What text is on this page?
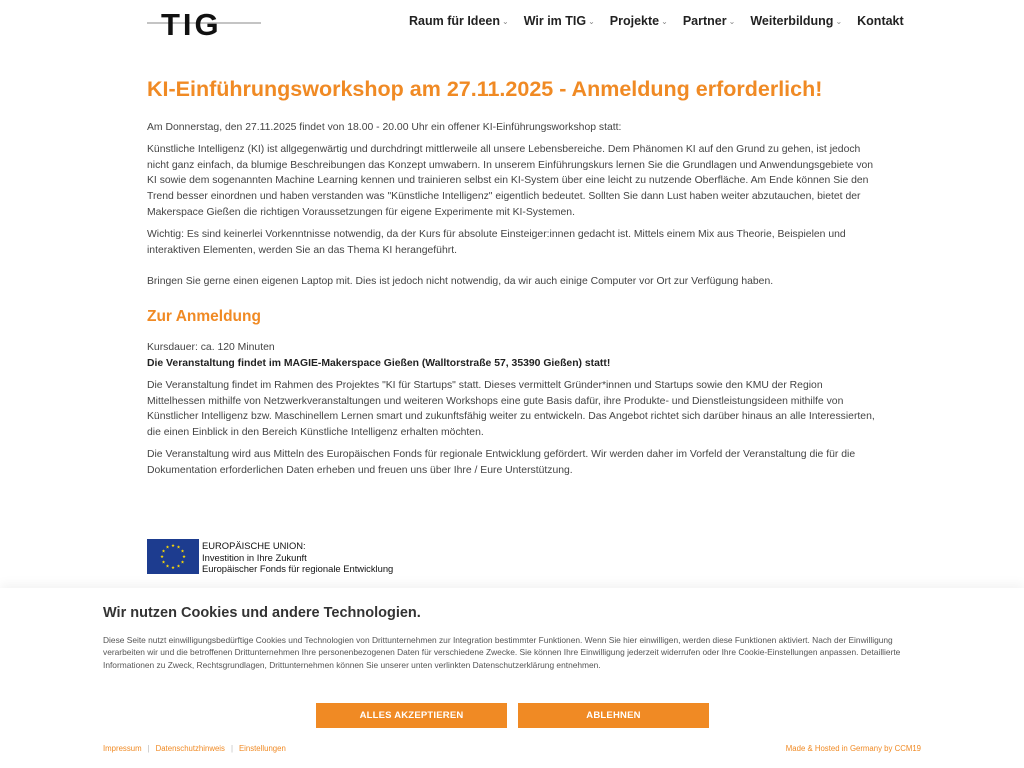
TIG	Raum für Ideen ⌄ Wir im TIG ⌄ Projekte ⌄ Partner ⌄ Weiterbildung ⌄ Kontakt
KI-Einführungsworkshop am 27.11.2025 - Anmeldung erforderlich!

Am Donnerstag, den 27.11.2025 findet von 18.00 - 20.00 Uhr ein offener KI-Einführungsworkshop statt:

Künstliche Intelligenz (KI) ist allgegenwärtig und durchdringt mittlerweile all unsere Lebensbereiche. Dem Phänomen KI auf den Grund zu gehen, ist jedoch nicht ganz einfach, da blumige Beschreibungen das Konzept umwabern. In unserem Einführungskurs lernen Sie die Grundlagen und Anwendungsgebiete von KI sowie dem sogenannten Machine Learning kennen und trainieren selbst ein KI-System über eine leicht zu nutzende Oberfläche. Am Ende können Sie den Trend besser einordnen und haben verstanden was "Künstliche Intelligenz" eigentlich bedeutet. Sollten Sie dann Lust haben weiter abzutauchen, bietet der Makerspace Gießen die richtigen Voraussetzungen für eigene Experimente mit KI-Systemen.

Wichtig: Es sind keinerlei Vorkenntnisse notwendig, da der Kurs für absolute Einsteiger:innen gedacht ist. Mittels einem Mix aus Theorie, Beispielen und interaktiven Elementen, werden Sie an das Thema KI herangeführt.

Bringen Sie gerne einen eigenen Laptop mit. Dies ist jedoch nicht notwendig, da wir auch einige Computer vor Ort zur Verfügung haben.

Zur Anmeldung

Kursdauer: ca. 120 Minuten

Die Veranstaltung findet im MAGIE-Makerspace Gießen (Walltorstraße 57, 35390 Gießen) statt!

Die Veranstaltung findet im Rahmen des Projektes "KI für Startups" statt. Dieses vermittelt Gründer*innen und Startups sowie den KMU der Region Mittelhessen mithilfe von Netzwerkveranstaltungen und weiteren Workshops eine gute Basis dafür, ihre Produkte- und Dienstleistungsideen mithilfe von Künstlicher Intelligenz bzw. Maschinellem Lernen smart und zukunftsfähig weiter zu entwickeln. Das Angebot richtet sich darüber hinaus an alle Interessierten, die einen Einblick in den Bereich Künstliche Intelligenz erhalten möchten.

Die Veranstaltung wird aus Mitteln des Europäischen Fonds für regionale Entwicklung gefördert. Wir werden daher im Vorfeld der Veranstaltung die für die Dokumentation erforderlichen Daten erheben und freuen uns über Ihre / Eure Unterstützung.

★ ★
★
★
★
★
★
★
★
★
★
★	EUROPÄISCHE UNION:
Investition in Ihre Zukunft
Europäischer Fonds für regionale Entwicklung
Wir nutzen Cookies und andere Technologien.
Diese Seite nutzt einwilligungsbedürftige Cookies und Technologien von Drittunternehmen zur Integration bestimmter Funktionen. Wenn Sie hier einwilligen, werden diese Funktionen aktiviert. Nach der Einwilligung verarbeiten wir und die betroffenen Drittunternehmen Ihre personenbezogenen Daten für verschiedene Zwecke. Sie können Ihre Einwilligung jederzeit widerrufen oder Ihre Cookie-Einstellungen anpassen. Detaillierte Informationen zu Zweck, Rechtsgrundlagen, Drittunternehmen können Sie unserer unten verlinkten Datenschutzerklärung entnehmen.
ALLES AKZEPTIEREN	ABLEHNEN
Impressum | Datenschutzhinweis | Einstellungen	Made & Hosted in Germany by CCM19
